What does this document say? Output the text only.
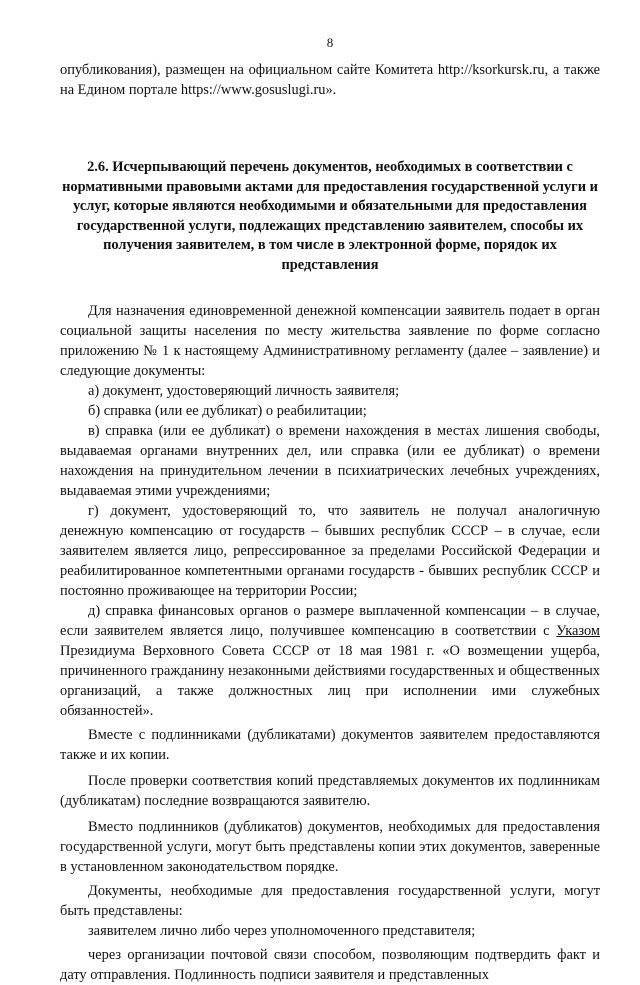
8

опубликования), размещен на официальном сайте Комитета http://ksorkursk.ru, а также на Едином портале https://www.gosuslugi.ru».

2.6. Исчерпывающий перечень документов, необходимых в соответствии с нормативными правовыми актами для предоставления государственной услуги и услуг, которые являются необходимыми и обязательными для предоставления государственной услуги, подлежащих представлению заявителем, способы их получения заявителем, в том числе в электронной форме, порядок их представления

Для назначения единовременной денежной компенсации заявитель подает в орган социальной защиты населения по месту жительства заявление по форме согласно приложению № 1 к настоящему Административному регламенту (далее – заявление) и следующие документы:

а) документ, удостоверяющий личность заявителя;

б) справка (или ее дубликат) о реабилитации;

в) справка (или ее дубликат) о времени нахождения в местах лишения свободы, выдаваемая органами внутренних дел, или справка (или ее дубликат) о времени нахождения на принудительном лечении в психиатрических лечебных учреждениях, выдаваемая этими учреждениями;

г) документ, удостоверяющий то, что заявитель не получал аналогичную денежную компенсацию от государств – бывших республик СССР – в случае, если заявителем является лицо, репрессированное за пределами Российской Федерации и реабилитированное компетентными органами государств - бывших республик СССР и постоянно проживающее на территории России;

д) справка финансовых органов о размере выплаченной компенсации – в случае, если заявителем является лицо, получившее компенсацию в соответствии с Указом Президиума Верховного Совета СССР от 18 мая 1981 г. «О возмещении ущерба, причиненного гражданину незаконными действиями государственных и общественных организаций, а также должностных лиц при исполнении ими служебных обязанностей».

Вместе с подлинниками (дубликатами) документов заявителем предоставляются также и их копии.

После проверки соответствия копий представляемых документов их подлинникам (дубликатам) последние возвращаются заявителю.

Вместо подлинников (дубликатов) документов, необходимых для предоставления государственной услуги, могут быть представлены копии этих документов, заверенные в установленном законодательством порядке.

Документы, необходимые для предоставления государственной услуги, могут быть представлены:

заявителем лично либо через уполномоченного представителя;

через организации почтовой связи способом, позволяющим подтвердить факт и дату отправления. Подлинность подписи заявителя и представленных
